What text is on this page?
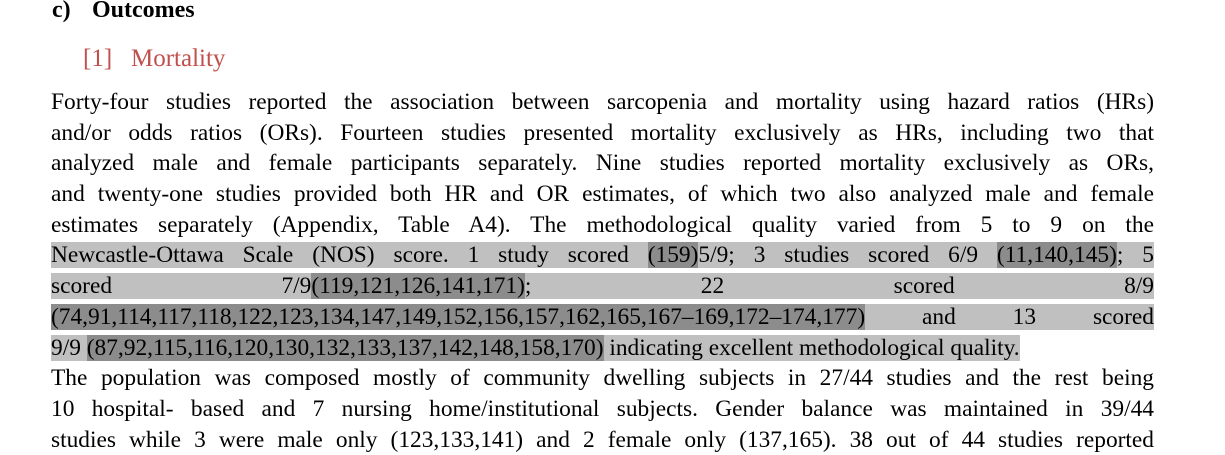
c) Outcomes
[1] Mortality
Forty-four studies reported the association between sarcopenia and mortality using hazard ratios (HRs)
and/or odds ratios (ORs). Fourteen studies presented mortality exclusively as HRs, including two that
analyzed male and female participants separately. Nine studies reported mortality exclusively as ORs,
and twenty-one studies provided both HR and OR estimates, of which two also analyzed male and female
estimates separately (Appendix, Table A4). The methodological quality varied from 5 to 9 on the
Newcastle-Ottawa Scale (NOS) score. 1 study scored (159)5/9; 3 studies scored 6/9 (11,140,145); 5
scored 7/9(119,121,126,141,171); 22 scored 8/9
(74,91,114,117,118,122,123,134,147,149,152,156,157,162,165,167–169,172–174,177) and 13 scored
9/9 (87,92,115,116,120,130,132,133,137,142,148,158,170) indicating excellent methodological quality.
The population was composed mostly of community dwelling subjects in 27/44 studies and the rest being
10 hospital- based and 7 nursing home/institutional subjects. Gender balance was maintained in 39/44
studies while 3 were male only (123,133,141) and 2 female only (137,165). 38 out of 44 studies reported
